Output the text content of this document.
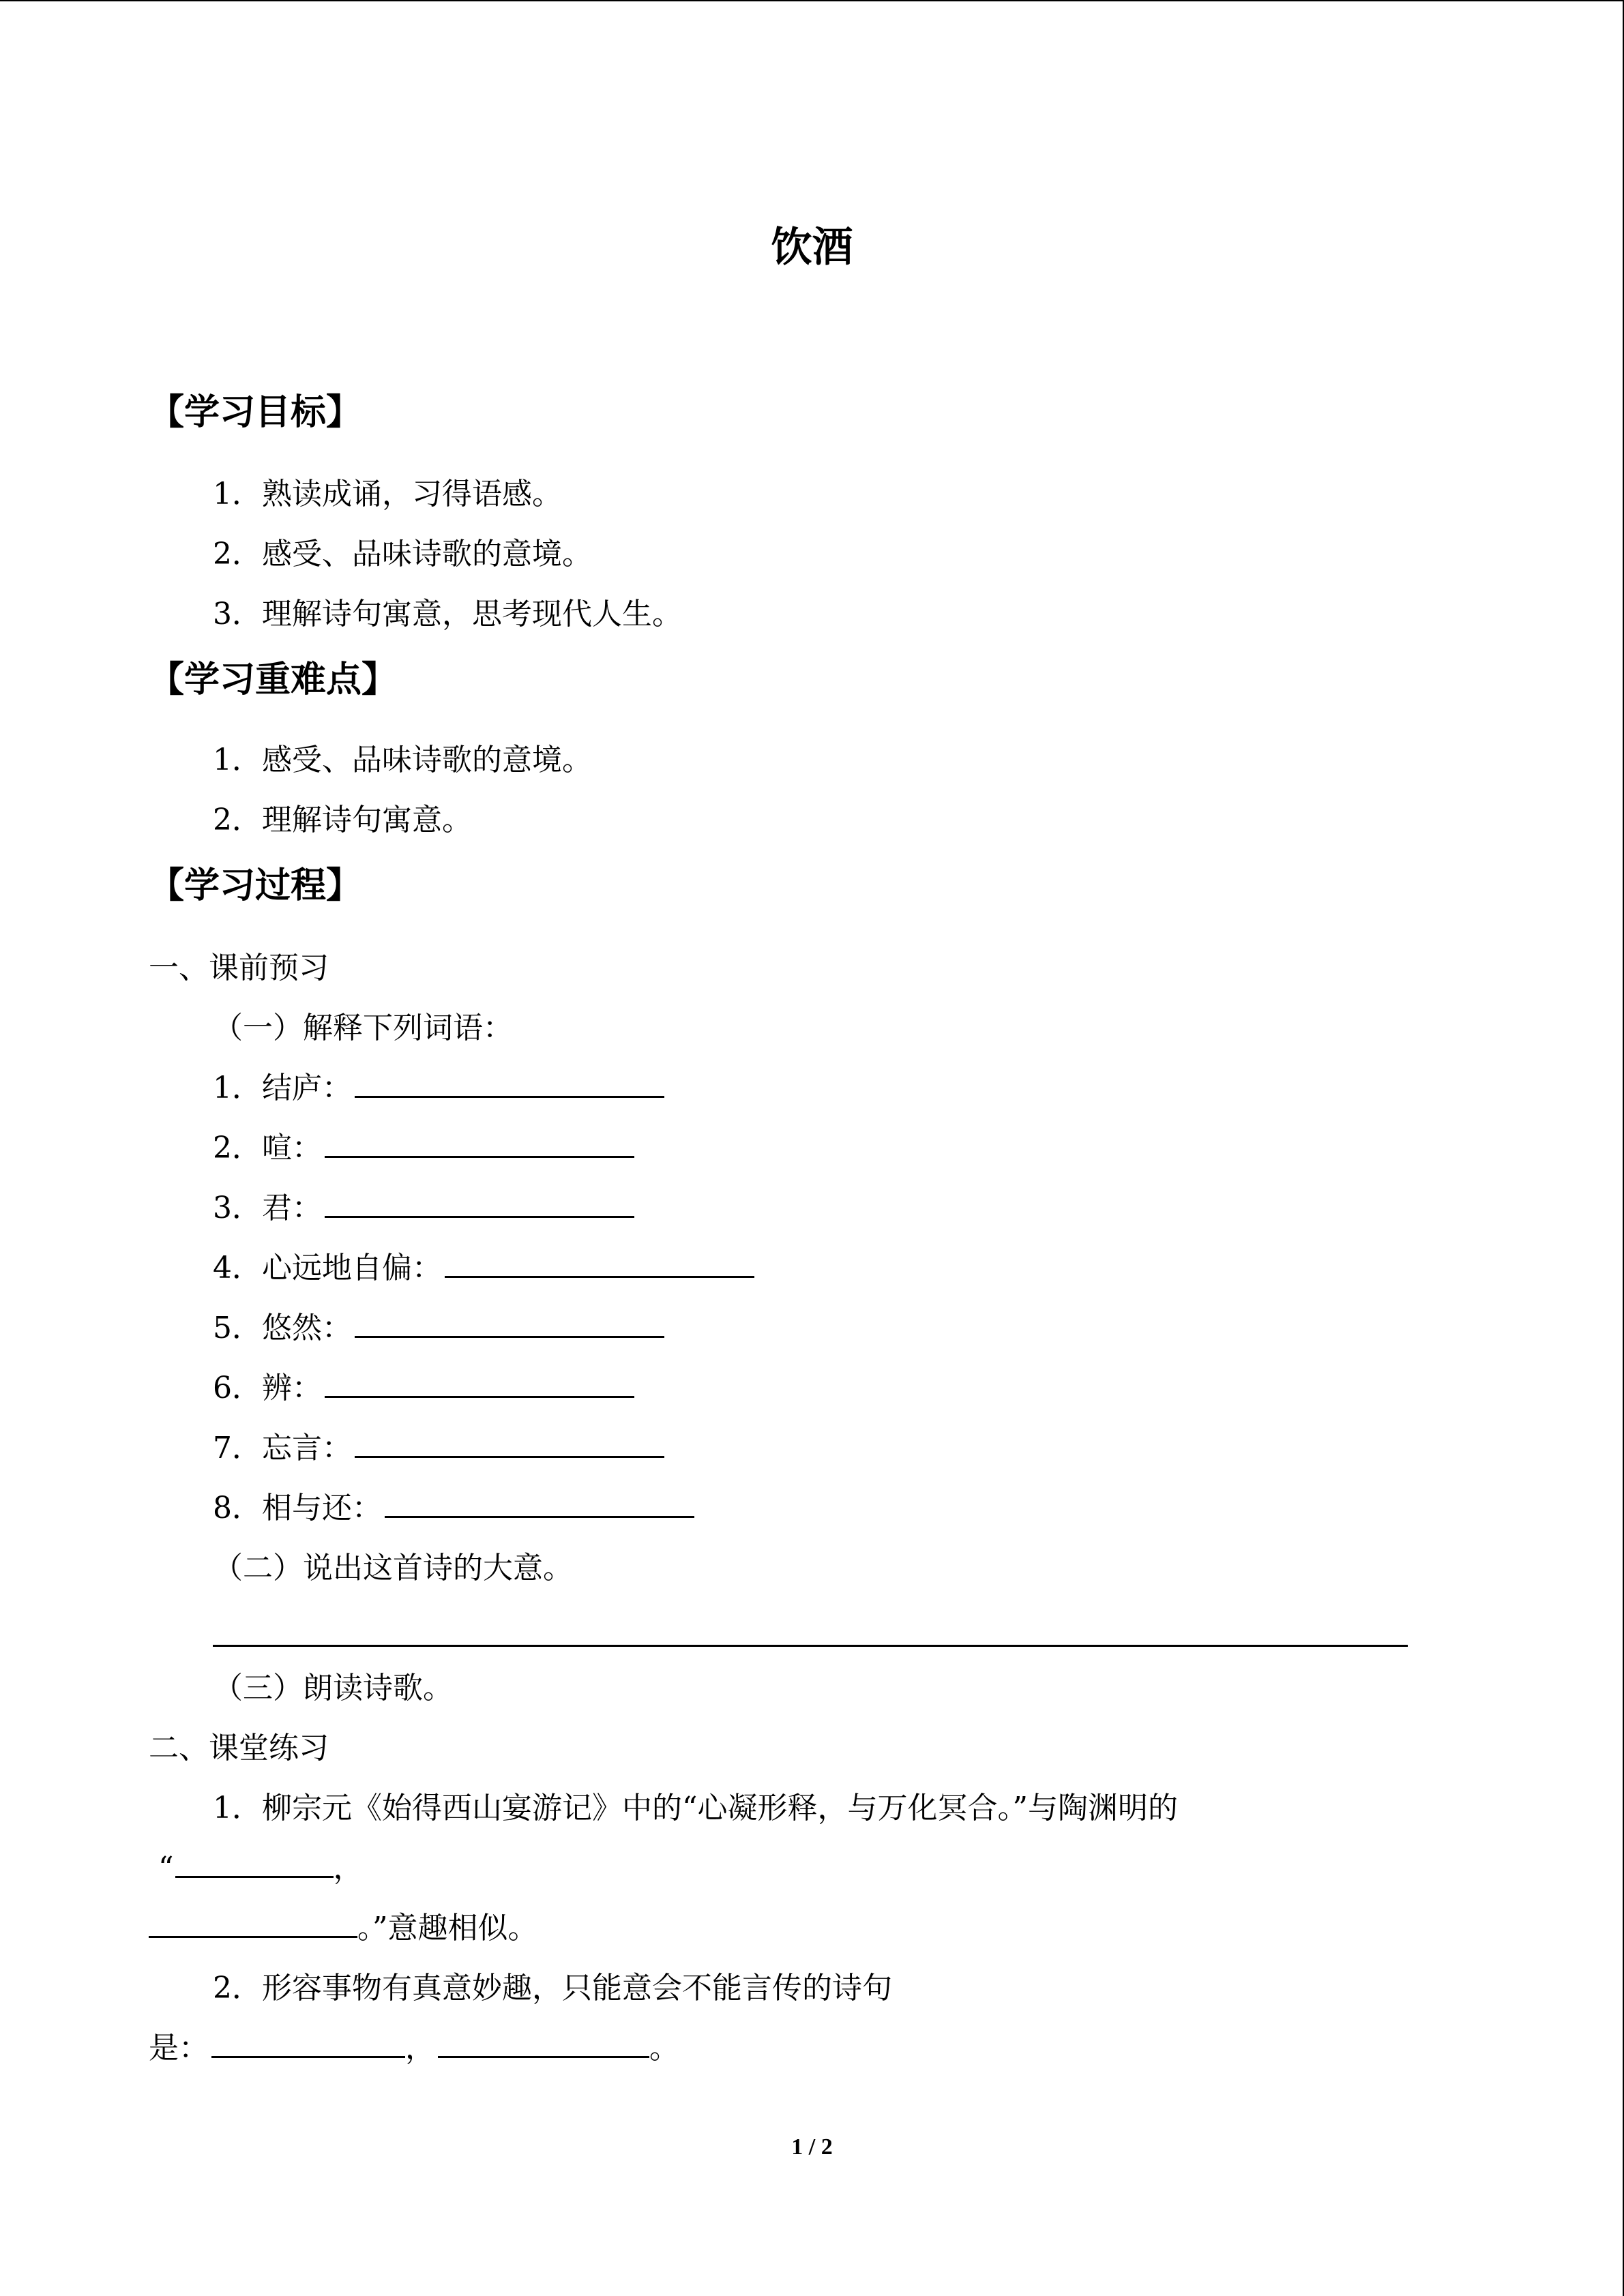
饮酒
【学习目标】
1．熟读成诵，习得语感。
2．感受、品味诗歌的意境。
3．理解诗句寓意，思考现代人生。
【学习重难点】
1．感受、品味诗歌的意境。
2．理解诗句寓意。
【学习过程】
一、课前预习
（一）解释下列词语：
1．结庐：
2．喧：
3．君：
4．心远地自偏：
5．悠然：
6．辨：
7．忘言：
8．相与还：
（二）说出这首诗的大意。
（三）朗读诗歌。
二、课堂练习
1．柳宗元《始得西山宴游记》中的“心凝形释，与万化冥合。”与陶渊明的
“	，
。”意趣相似。
2．形容事物有真意妙趣，只能意会不能言传的诗句
是：	，	。
1 / 2
